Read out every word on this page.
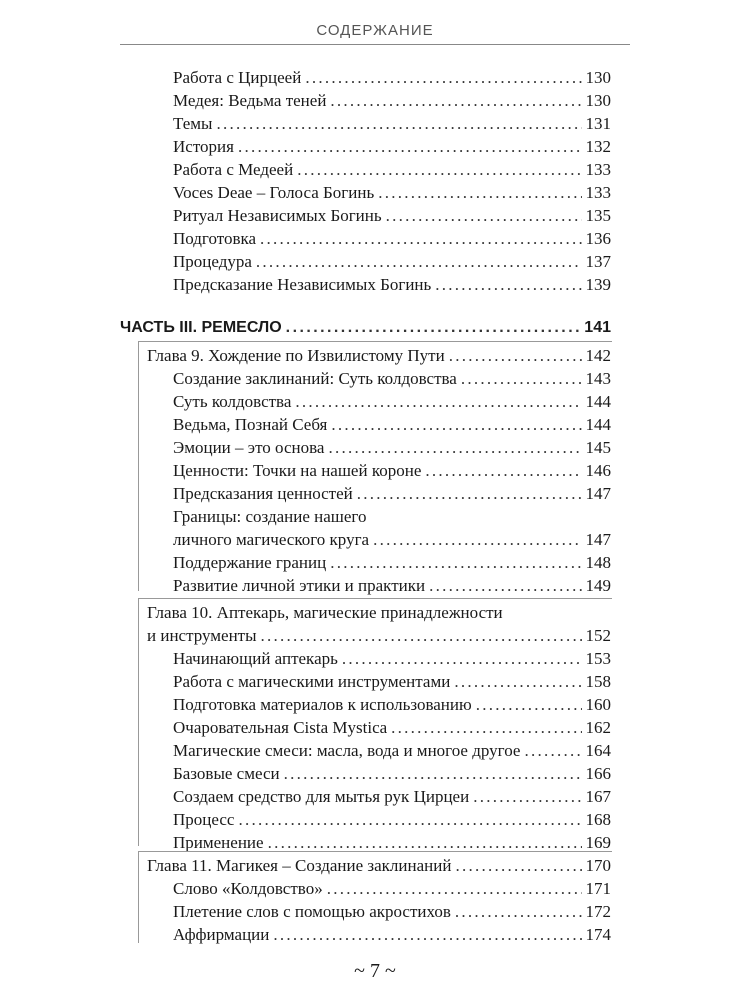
СОДЕРЖАНИЕ
Работа с Цирцеей . . .	130
Медея: Ведьма теней . . .	130
Темы . . .	131
История . . .	132
Работа с Медеей . . .	133
Voces Deae – Голоса Богинь . . .	133
Ритуал Независимых Богинь . . .	135
Подготовка . . .	136
Процедура . . .	137
Предсказание Независимых Богинь . . .	139
ЧАСТЬ III. РЕМЕСЛО . . .	141
Глава 9. Хождение по Извилистому Пути . . .	142
Создание заклинаний: Суть колдовства . . .	143
Суть колдовства . . .	144
Ведьма, Познай Себя . . .	144
Эмоции – это основа . . .	145
Ценности: Точки на нашей короне . . .	146
Предсказания ценностей . . .	147
Границы: создание нашего
личного магического круга . . .	147
Поддержание границ . . .	148
Развитие личной этики и практики . . .	149
Глава 10. Аптекарь, магические принадлежности
и инструменты . . .	152
Начинающий аптекарь . . .	153
Работа с магическими инструментами . . .	158
Подготовка материалов к использованию . . .	160
Очаровательная Cista Mystica . . .	162
Магические смеси: масла, вода и многое другое . . .	164
Базовые смеси . . .	166
Создаем средство для мытья рук Цирцеи . . .	167
Процесс . . .	168
Применение . . .	169
Глава 11. Магикея – Создание заклинаний . . .	170
Слово «Колдовство» . . .	171
Плетение слов с помощью акростихов . . .	172
Аффирмации . . .	174
~ 7 ~
